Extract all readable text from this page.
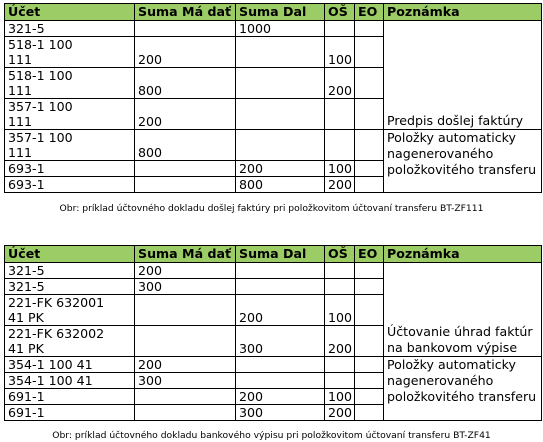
Účet	Suma Má dať	Suma Dal	OŠ	EO	Poznámka
321-5		1000			Predpis došlej faktúry
518-1 100
111	200		100		
518-1 100
111	800		200		
357-1 100
111	200				
357-1 100
111	800				Položky automaticky nagenerovaného položkovitého transferu
693-1		200	100		
693-1		800	200		
Obr: príklad účtovného dokladu došlej faktúry pri položkovitom účtovaní transferu BT-ZF111
Účet	Suma Má dať	Suma Dal	OŠ	EO	Poznámka
321-5	200				Účtovanie úhrad faktúr na bankovom výpise
321-5	300				
221-FK 632001
41 PK		200	100		
221-FK 632002
41 PK		300	200		
354-1 100 41	200				Položky automaticky nagenerovaného položkovitého transferu
354-1 100 41	300				
691-1		200	100		
691-1		300	200		
Obr: príklad účtovného dokladu bankového výpisu pri položkovitom účtovaní transferu BT-ZF41
